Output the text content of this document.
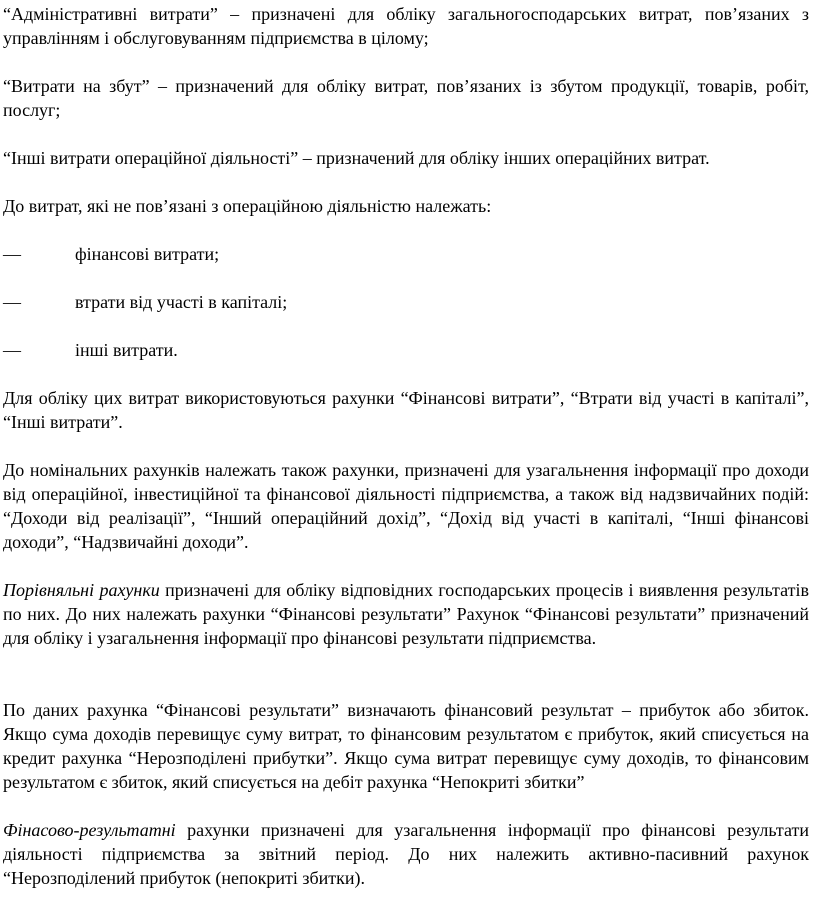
“Адміністративні витрати” – призначені для обліку загальногосподарських витрат, пов’язаних з управлінням і обслуговуванням підприємства в цілому;

“Витрати на збут” – призначений для обліку витрат, пов’язаних із збутом продукції, товарів, робіт, послуг;

“Інші витрати операційної діяльності” – призначений для обліку інших операційних витрат.

До витрат, які не пов’язані з операційною діяльністю належать:

—	фінансові витрати;

—	втрати від участі в капіталі;

—	інші витрати.

Для обліку цих витрат використовуються рахунки “Фінансові витрати”, “Втрати від участі в капіталі”, “Інші витрати”.

До номінальних рахунків належать також рахунки, призначені для узагальнення інформації про доходи від операційної, інвестиційної та фінансової діяльності підприємства, а також від надзвичайних подій: “Доходи від реалізації”, “Інший операційний дохід”, “Дохід від участі в капіталі, “Інші фінансові доходи”, “Надзвичайні доходи”.

Порівняльні рахунки призначені для обліку відповідних господарських процесів і виявлення результатів по них. До них належать рахунки “Фінансові результати” Рахунок “Фінансові результати” призначений для обліку і узагальнення інформації про фінансові результати підприємства.

По даних рахунка “Фінансові результати” визначають фінансовий результат – прибуток або збиток. Якщо сума доходів перевищує суму витрат, то фінансовим результатом є прибуток, який списується на кредит рахунка “Нерозподілені прибутки”. Якщо сума витрат перевищує суму доходів, то фінансовим результатом є збиток, який списується на дебіт рахунка “Непокриті збитки”

Фінасово-результатні рахунки призначені для узагальнення інформації про фінансові результати діяльності підприємства за звітний період. До них належить активно-пасивний рахунок “Нерозподілений прибуток (непокриті збитки).
